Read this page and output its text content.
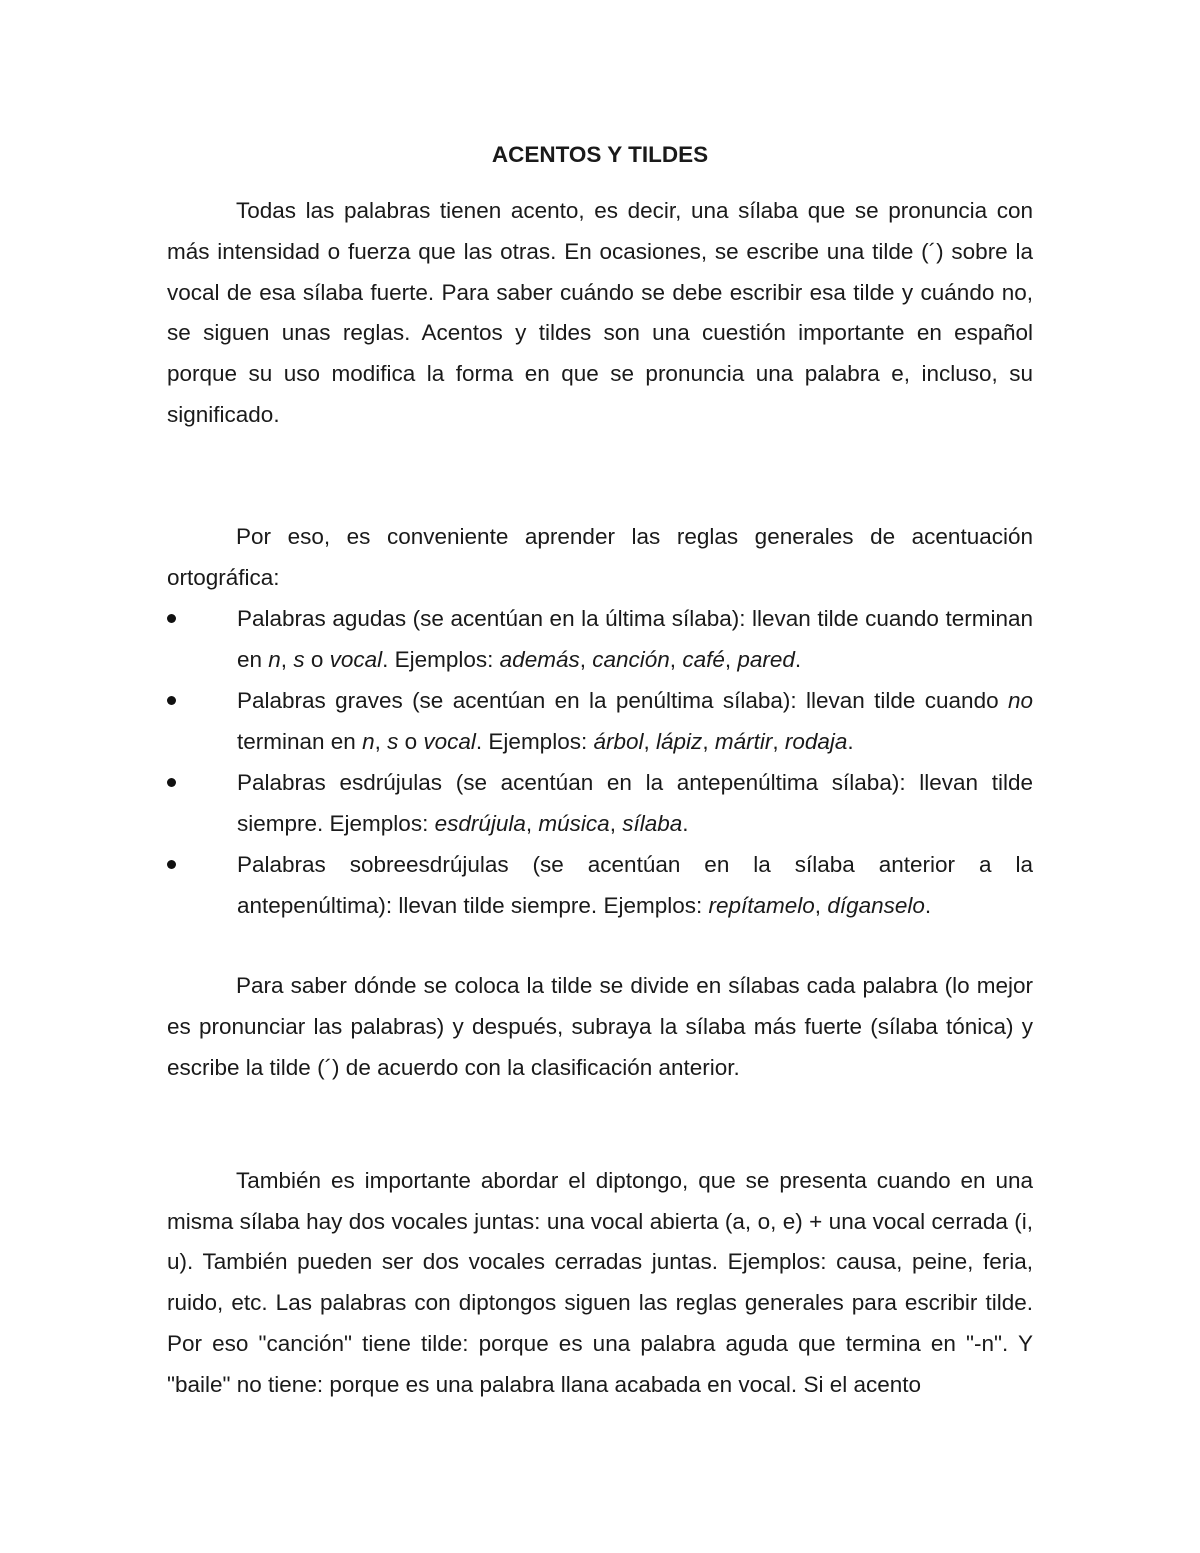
ACENTOS Y TILDES

Todas las palabras tienen acento, es decir, una sílaba que se pronuncia con más intensidad o fuerza que las otras. En ocasiones, se escribe una tilde (´) sobre la vocal de esa sílaba fuerte. Para saber cuándo se debe escribir esa tilde y cuándo no, se siguen unas reglas. Acentos y tildes son una cuestión importante en español porque su uso modifica la forma en que se pronuncia una palabra e, incluso, su significado.

Por eso, es conveniente aprender las reglas generales de acentuación ortográfica:

Palabras agudas (se acentúan en la última sílaba): llevan tilde cuando terminan en n, s o vocal. Ejemplos: además, canción, café, pared.
Palabras graves (se acentúan en la penúltima sílaba): llevan tilde cuando no terminan en n, s o vocal. Ejemplos: árbol, lápiz, mártir, rodaja.
Palabras esdrújulas (se acentúan en la antepenúltima sílaba): llevan tilde siempre. Ejemplos: esdrújula, música, sílaba.
Palabras sobreesdrújulas (se acentúan en la sílaba anterior a la antepenúltima): llevan tilde siempre. Ejemplos: repítamelo, díganselo.

Para saber dónde se coloca la tilde se divide en sílabas cada palabra (lo mejor es pronunciar las palabras) y después, subraya la sílaba más fuerte (sílaba tónica) y escribe la tilde (´) de acuerdo con la clasificación anterior.

También es importante abordar el diptongo, que se presenta cuando en una misma sílaba hay dos vocales juntas: una vocal abierta (a, o, e) + una vocal cerrada (i, u). También pueden ser dos vocales cerradas juntas. Ejemplos: causa, peine, feria, ruido, etc. Las palabras con diptongos siguen las reglas generales para escribir tilde. Por eso "canción" tiene tilde: porque es una palabra aguda que termina en "-n". Y "baile" no tiene: porque es una palabra llana acabada en vocal. Si el acento
